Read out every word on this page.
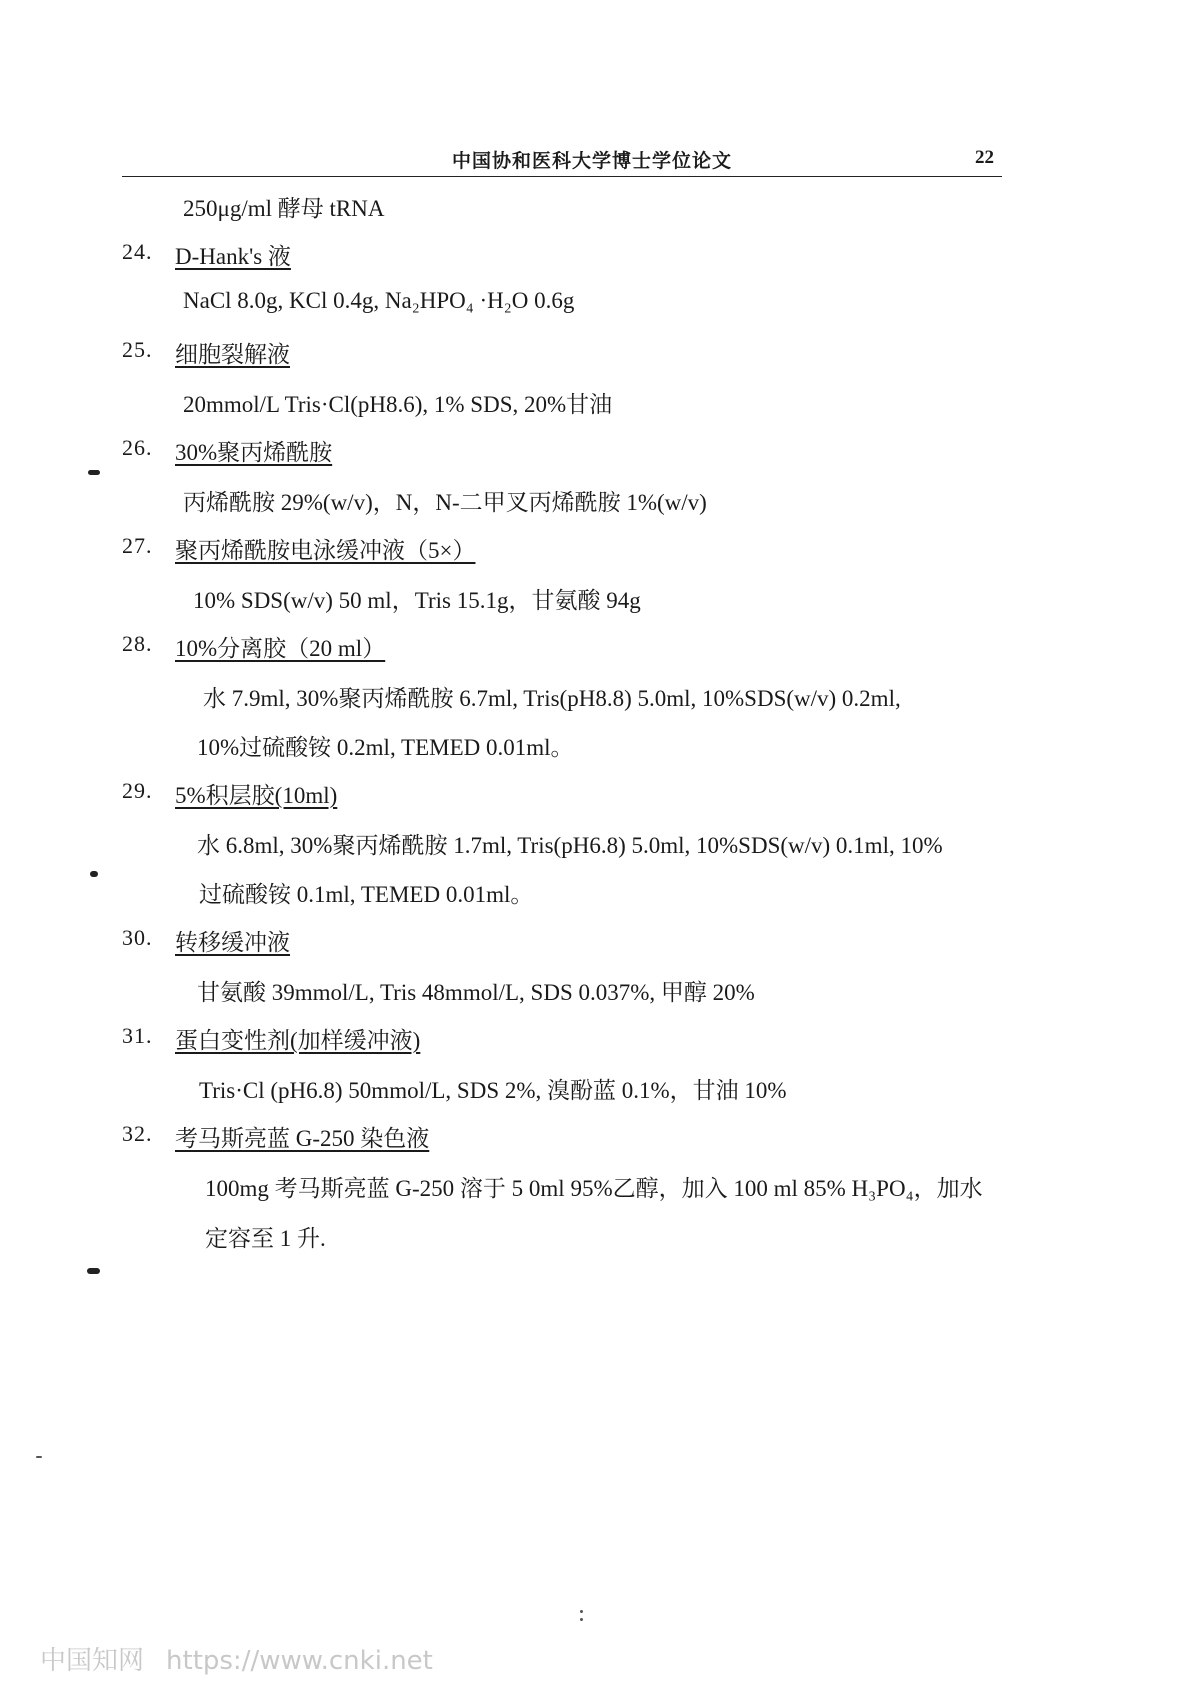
中国协和医科大学博士学位论文	22
250μg/ml 酵母 tRNA
24. D-Hank's 液
NaCl 8.0g, KCl 0.4g, Na₂HPO₄ ·H₂O 0.6g
25. 细胞裂解液
20mmol/L Tris·Cl(pH8.6), 1% SDS, 20%甘油
26. 30%聚丙烯酰胺
丙烯酰胺 29%(w/v)，N，N-二甲叉丙烯酰胺 1%(w/v)
27. 聚丙烯酰胺电泳缓冲液（5×）
10% SDS(w/v) 50 ml，Tris 15.1g，甘氨酸 94g
28. 10%分离胶（20 ml）
水 7.9ml, 30%聚丙烯酰胺 6.7ml, Tris(pH8.8) 5.0ml, 10%SDS(w/v) 0.2ml,
10%过硫酸铵 0.2ml, TEMED 0.01ml。
29. 5%积层胶(10ml)
水 6.8ml, 30%聚丙烯酰胺 1.7ml, Tris(pH6.8) 5.0ml, 10%SDS(w/v) 0.1ml, 10%
过硫酸铵 0.1ml, TEMED 0.01ml。
30. 转移缓冲液
甘氨酸 39mmol/L, Tris 48mmol/L, SDS 0.037%, 甲醇 20%
31. 蛋白变性剂(加样缓冲液)
Tris·Cl (pH6.8) 50mmol/L, SDS 2%, 溴酚蓝 0.1%，甘油 10%
32. 考马斯亮蓝 G-250 染色液
100mg 考马斯亮蓝 G-250 溶于 5 0ml 95%乙醇，加入 100 ml 85% H₃PO₄，加水
定容至 1 升.
中国知网 https://www.cnki.net
